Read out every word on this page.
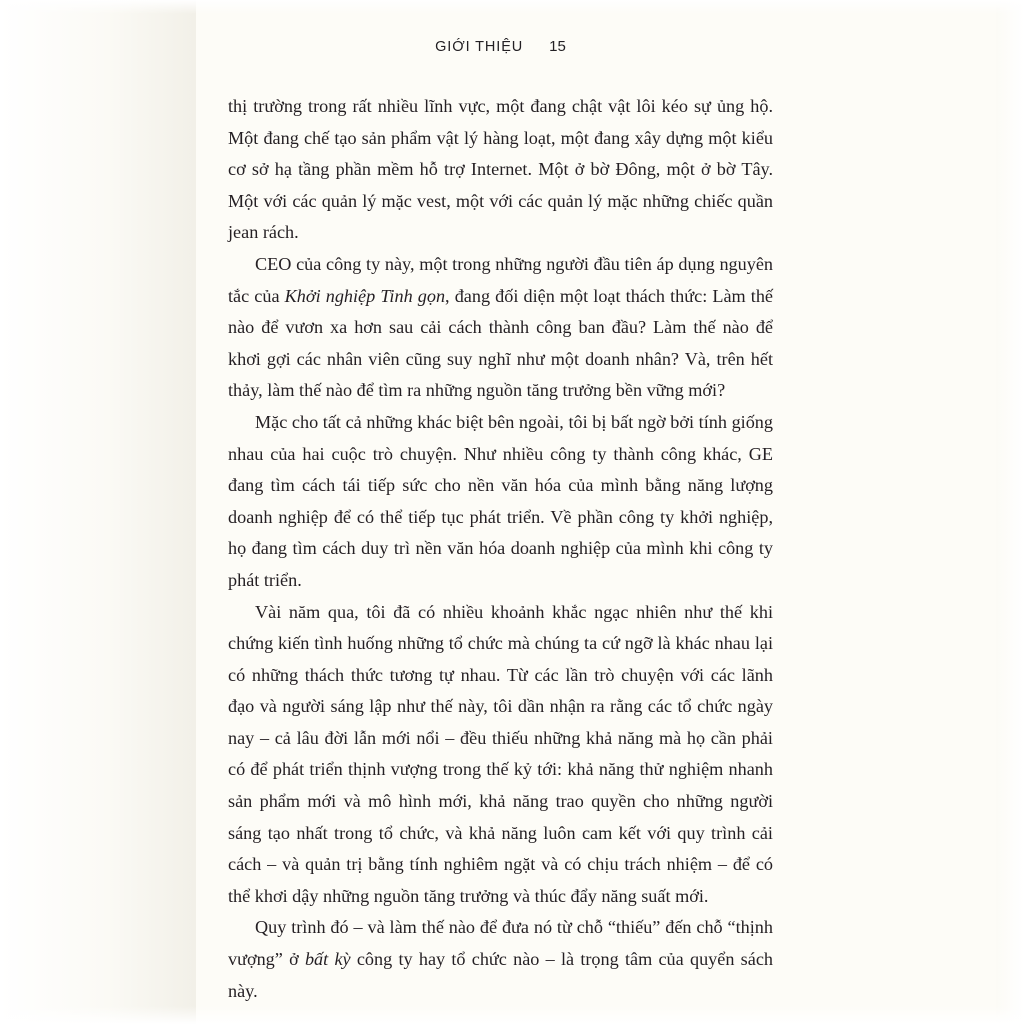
GIỚI THIỆU 15

thị trường trong rất nhiều lĩnh vực, một đang chật vật lôi kéo sự ủng hộ. Một đang chế tạo sản phẩm vật lý hàng loạt, một đang xây dựng một kiểu cơ sở hạ tầng phần mềm hỗ trợ Internet. Một ở bờ Đông, một ở bờ Tây. Một với các quản lý mặc vest, một với các quản lý mặc những chiếc quần jean rách.

CEO của công ty này, một trong những người đầu tiên áp dụng nguyên tắc của Khởi nghiệp Tinh gọn, đang đối diện một loạt thách thức: Làm thế nào để vươn xa hơn sau cải cách thành công ban đầu? Làm thế nào để khơi gợi các nhân viên cũng suy nghĩ như một doanh nhân? Và, trên hết thảy, làm thế nào để tìm ra những nguồn tăng trưởng bền vững mới?

Mặc cho tất cả những khác biệt bên ngoài, tôi bị bất ngờ bởi tính giống nhau của hai cuộc trò chuyện. Như nhiều công ty thành công khác, GE đang tìm cách tái tiếp sức cho nền văn hóa của mình bằng năng lượng doanh nghiệp để có thể tiếp tục phát triển. Về phần công ty khởi nghiệp, họ đang tìm cách duy trì nền văn hóa doanh nghiệp của mình khi công ty phát triển.

Vài năm qua, tôi đã có nhiều khoảnh khắc ngạc nhiên như thế khi chứng kiến tình huống những tổ chức mà chúng ta cứ ngỡ là khác nhau lại có những thách thức tương tự nhau. Từ các lần trò chuyện với các lãnh đạo và người sáng lập như thế này, tôi dần nhận ra rằng các tổ chức ngày nay – cả lâu đời lẫn mới nổi – đều thiếu những khả năng mà họ cần phải có để phát triển thịnh vượng trong thế kỷ tới: khả năng thử nghiệm nhanh sản phẩm mới và mô hình mới, khả năng trao quyền cho những người sáng tạo nhất trong tổ chức, và khả năng luôn cam kết với quy trình cải cách – và quản trị bằng tính nghiêm ngặt và có chịu trách nhiệm – để có thể khơi dậy những nguồn tăng trưởng và thúc đẩy năng suất mới.

Quy trình đó – và làm thế nào để đưa nó từ chỗ “thiếu” đến chỗ “thịnh vượng” ở bất kỳ công ty hay tổ chức nào – là trọng tâm của quyển sách này.
